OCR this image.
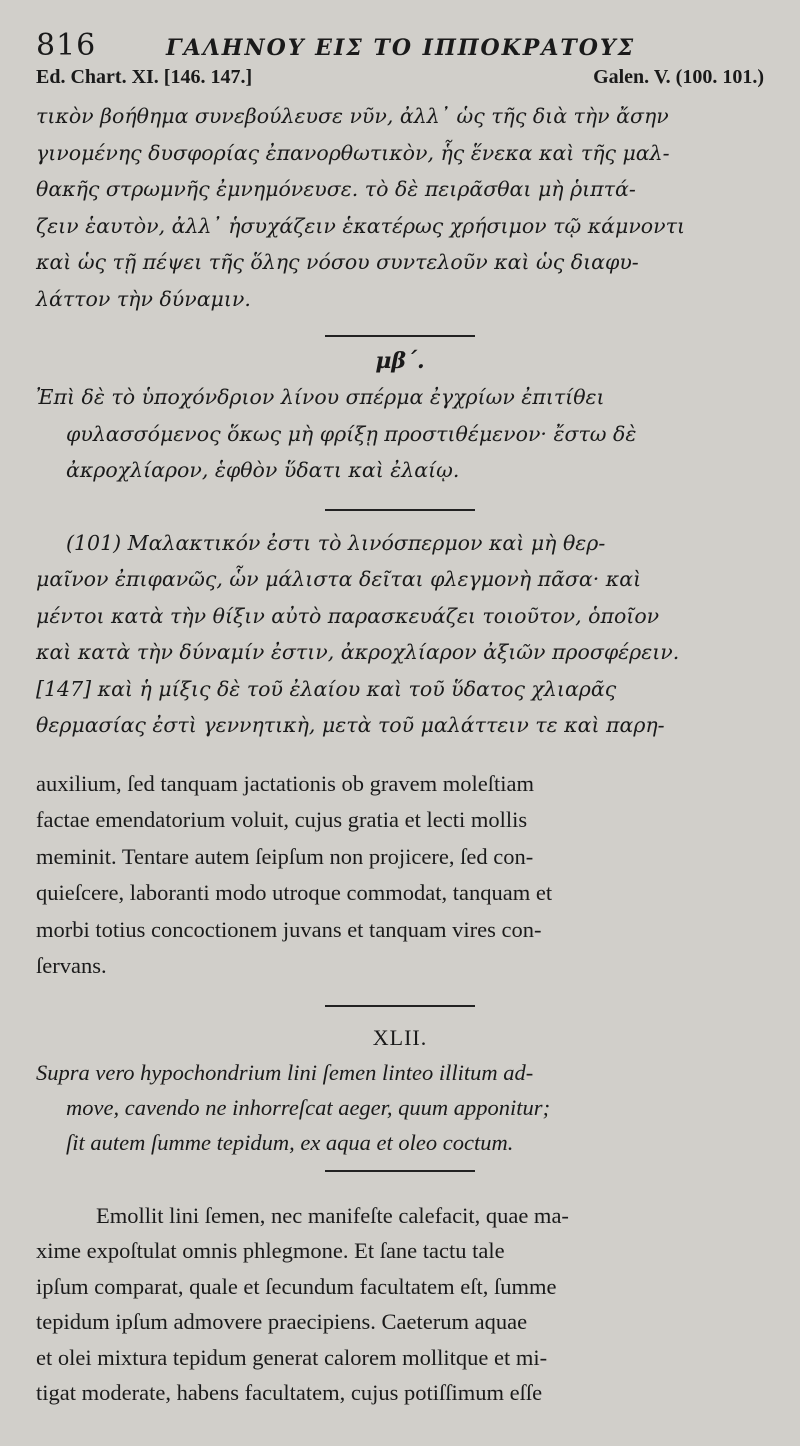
816	ΓΑΛΗΝΟΥ ΕΙΣ ΤΟ ΙΠΠΟΚΡΑΤΟΥΣ
Ed. Chart. XI. [146. 147.]	Galen. V. (100. 101.)

τικὸν βοήθημα συνεβούλευσε νῦν, ἀλλ᾽ ὡς τῆς διὰ τὴν ἄσην

γινομένης δυσφορίας ἐπανορθωτικὸν, ἧς ἕνεκα καὶ τῆς μαλ-

θακῆς στρωμνῆς ἐμνημόνευσε. τὸ δὲ πειρᾶσθαι μὴ ῥιπτά-

ζειν ἑαυτὸν, ἀλλ᾽ ἡσυχάζειν ἑκατέρως χρήσιμον τῷ κάμνοντι

καὶ ὡς τῇ πέψει τῆς ὅλης νόσου συντελοῦν καὶ ὡς διαφυ-

λάττον τὴν δύναμιν.

μβ΄.

Ἐπὶ δὲ τὸ ὑποχόνδριον λίνου σπέρμα ἐγχρίων ἐπιτίθει

φυλασσόμενος ὅκως μὴ φρίξῃ προστιθέμενον· ἔστω δὲ

ἀκροχλίαρον, ἑφθὸν ὕδατι καὶ ἐλαίῳ.

(101) Μαλακτικόν ἐστι τὸ λινόσπερμον καὶ μὴ θερ-

μαῖνον ἐπιφανῶς, ὧν μάλιστα δεῖται φλεγμονὴ πᾶσα· καὶ

μέντοι κατὰ τὴν θίξιν αὐτὸ παρασκευάζει τοιοῦτον, ὁποῖον

καὶ κατὰ τὴν δύναμίν ἐστιν, ἀκροχλίαρον ἀξιῶν προσφέρειν.

[147] καὶ ἡ μίξις δὲ τοῦ ἐλαίου καὶ τοῦ ὕδατος χλιαρᾶς

θερμασίας ἐστὶ γεννητικὴ, μετὰ τοῦ μαλάττειν τε καὶ παρη-

auxilium, ſed tanquam jactationis ob gravem moleſtiam

factae emendatorium voluit, cujus gratia et lecti mollis

meminit. Tentare autem ſeipſum non projicere, ſed con-

quieſcere, laboranti modo utroque commodat, tanquam et

morbi totius concoctionem juvans et tanquam vires con-

ſervans.

XLII.

Supra vero hypochondrium lini ſemen linteo illitum ad-

move, cavendo ne inhorreſcat aeger, quum apponitur;

ſit autem ſumme tepidum, ex aqua et oleo coctum.

Emollit lini ſemen, nec manifeſte calefacit, quae ma-

xime expoſtulat omnis phlegmone. Et ſane tactu tale

ipſum comparat, quale et ſecundum facultatem eſt, ſumme

tepidum ipſum admovere praecipiens. Caeterum aquae

et olei mixtura tepidum generat calorem mollitque et mi-

tigat moderate, habens facultatem, cujus potiſſimum eſſe
